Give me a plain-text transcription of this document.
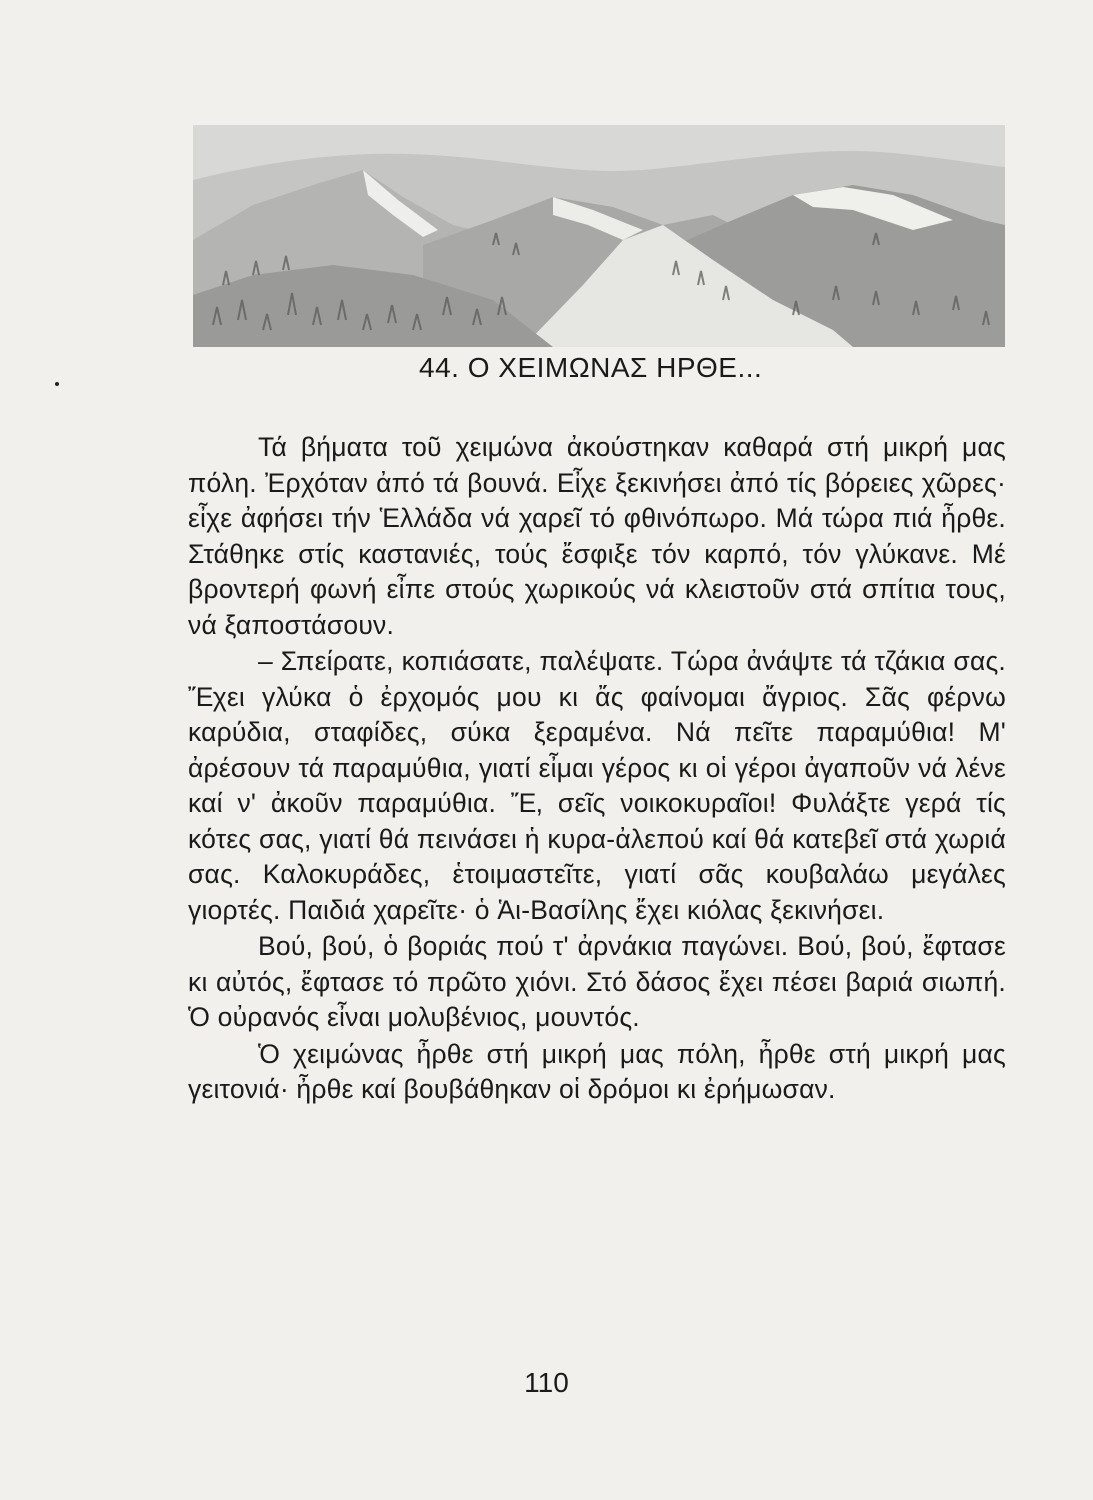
44. Ο ΧΕΙΜΩΝΑΣ ΗΡΘΕ...

Τά βήματα τοῦ χειμώνα ἀκούστηκαν καθαρά στή μικρή μας πόλη. Ἐρχόταν ἀπό τά βουνά. Εἶχε ξεκινήσει ἀπό τίς βόρειες χῶρες· εἶχε ἀφήσει τήν Ἑλλάδα νά χαρεῖ τό φθινόπωρο. Μά τώρα πιά ἦρθε. Στάθηκε στίς καστανιές, τούς ἔσφιξε τόν καρπό, τόν γλύκανε. Μέ βροντερή φωνή εἶπε στούς χωρικούς νά κλειστοῦν στά σπίτια τους, νά ξαποστάσουν.

– Σπείρατε, κοπιάσατε, παλέψατε. Τώρα ἀνάψτε τά τζάκια σας. Ἔχει γλύκα ὁ ἐρχομός μου κι ἄς φαίνομαι ἄγριος. Σᾶς φέρνω καρύδια, σταφίδες, σύκα ξεραμένα. Νά πεῖτε παραμύθια! Μ' ἀρέσουν τά παραμύθια, γιατί εἶμαι γέρος κι οἱ γέροι ἀγαποῦν νά λένε καί ν' ἀκοῦν παραμύθια. Ἔ, σεῖς νοικοκυραῖοι! Φυλάξτε γερά τίς κότες σας, γιατί θά πεινάσει ἡ κυρα-ἀλεπού καί θά κατεβεῖ στά χωριά σας. Καλοκυράδες, ἑτοιμαστεῖτε, γιατί σᾶς κουβαλάω μεγάλες γιορτές. Παιδιά χαρεῖτε· ὁ Ἁι-Βασίλης ἔχει κιόλας ξεκινήσει.

Βού, βού, ὁ βοριάς πού τ' ἀρνάκια παγώνει. Βού, βού, ἔφτασε κι αὐτός, ἔφτασε τό πρῶτο χιόνι. Στό δάσος ἔχει πέσει βαριά σιωπή. Ὁ οὐρανός εἶναι μολυβένιος, μουντός.

Ὁ χειμώνας ἦρθε στή μικρή μας πόλη, ἦρθε στή μικρή μας γειτονιά· ἦρθε καί βουβάθηκαν οἱ δρόμοι κι ἐρήμωσαν.

110
